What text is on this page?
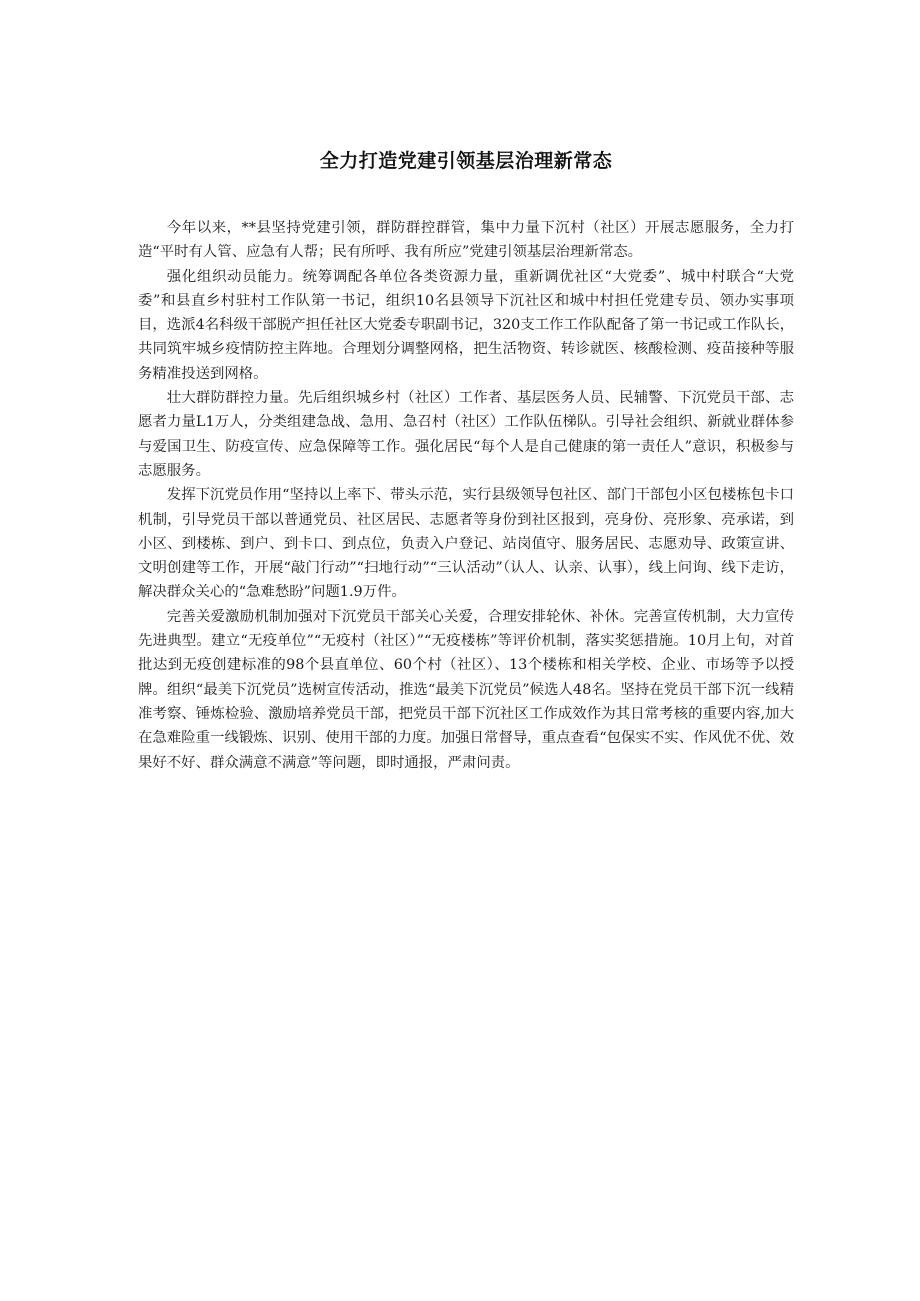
全力打造党建引领基层治理新常态

今年以来，**县坚持党建引领，群防群控群管，集中力量下沉村（社区）开展志愿服务，全力打造“平时有人管、应急有人帮；民有所呼、我有所应”党建引领基层治理新常态。

强化组织动员能力。统筹调配各单位各类资源力量，重新调优社区“大党委”、城中村联合“大党委”和县直乡村驻村工作队第一书记，组织10名县领导下沉社区和城中村担任党建专员、领办实事项目，选派4名科级干部脱产担任社区大党委专职副书记，320支工作工作队配备了第一书记或工作队长，共同筑牢城乡疫情防控主阵地。合理划分调整网格，把生活物资、转诊就医、核酸检测、疫苗接种等服务精准投送到网格。

壮大群防群控力量。先后组织城乡村（社区）工作者、基层医务人员、民辅警、下沉党员干部、志愿者力量L1万人，分类组建急战、急用、急召村（社区）工作队伍梯队。引导社会组织、新就业群体参与爱国卫生、防疫宣传、应急保障等工作。强化居民“每个人是自己健康的第一责任人”意识，积极参与志愿服务。

发挥下沉党员作用“坚持以上率下、带头示范，实行县级领导包社区、部门干部包小区包楼栋包卡口机制，引导党员干部以普通党员、社区居民、志愿者等身份到社区报到，亮身份、亮形象、亮承诺，到小区、到楼栋、到户、到卡口、到点位，负责入户登记、站岗值守、服务居民、志愿劝导、政策宣讲、文明创建等工作，开展“敲门行动”“扫地行动”“三认活动”（认人、认亲、认事），线上问询、线下走访，解决群众关心的“急难愁盼”问题1.9万件。

完善关爱激励机制加强对下沉党员干部关心关爱，合理安排轮休、补休。完善宣传机制，大力宣传先进典型。建立“无疫单位”“无疫村（社区）”“无疫楼栋”等评价机制，落实奖惩措施。10月上旬，对首批达到无疫创建标准的98个县直单位、60个村（社区）、13个楼栋和相关学校、企业、市场等予以授牌。组织“最美下沉党员”选树宣传活动，推选“最美下沉党员”候选人48名。坚持在党员干部下沉一线精准考察、锤炼检验、激励培养党员干部，把党员干部下沉社区工作成效作为其日常考核的重要内容,加大在急难险重一线锻炼、识别、使用干部的力度。加强日常督导，重点查看“包保实不实、作风优不优、效果好不好、群众满意不满意”等问题，即时通报，严肃问责。
